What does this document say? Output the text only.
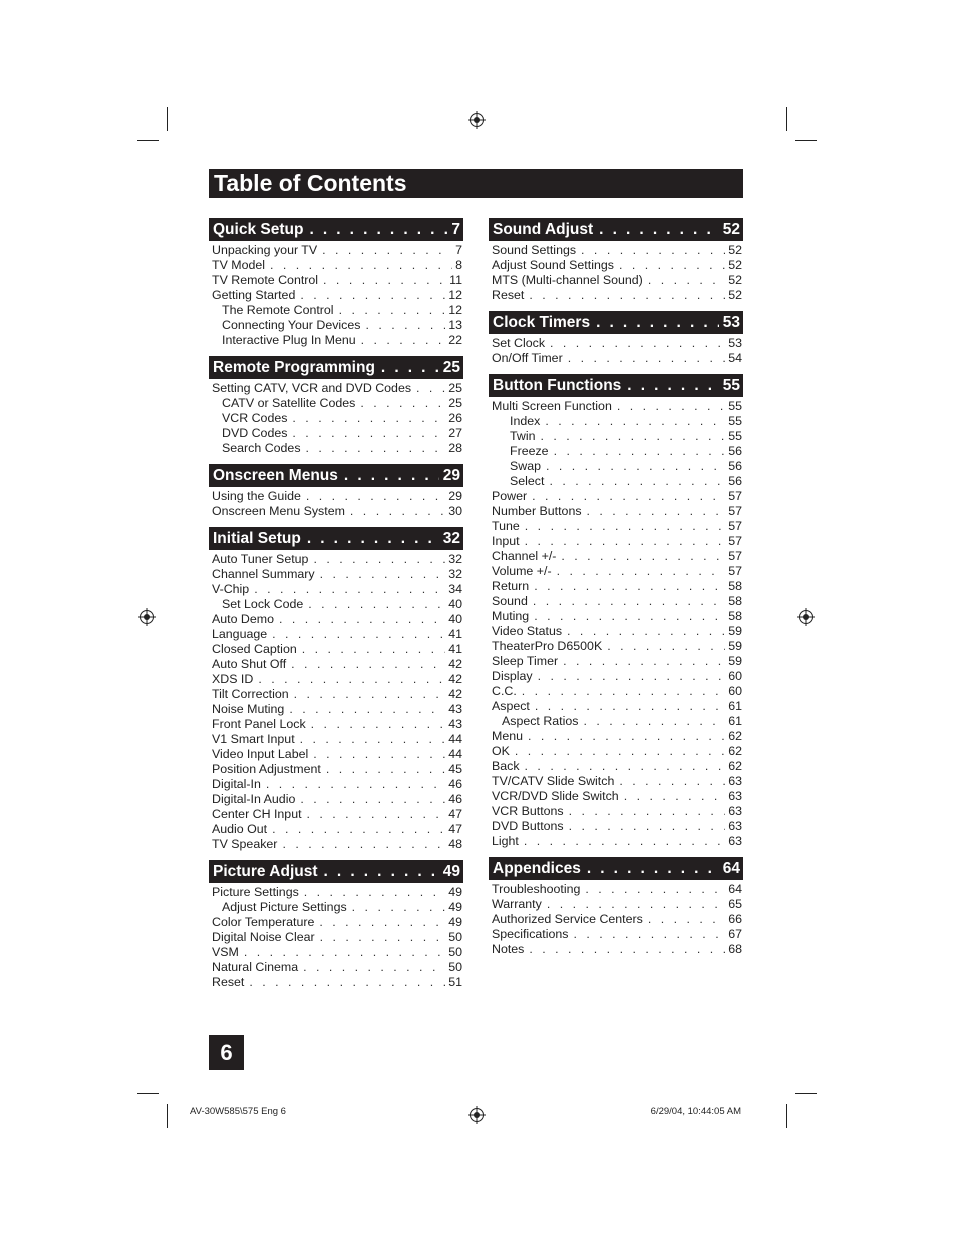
Table of Contents
Quick Setup . . .	7
Unpacking your TV . . .	7
TV Model . . .	8
TV Remote Control . . .	11
Getting Started . . .	12
The Remote Control . . .	12
Connecting Your Devices . . .	13
Interactive Plug In Menu . . .	22
Remote Programming . . .	25
Setting CATV, VCR and DVD Codes . . .	25
CATV or Satellite Codes . . .	25
VCR Codes . . .	26
DVD Codes . . .	27
Search Codes . . .	28
Onscreen Menus . . .	29
Using the Guide . . .	29
Onscreen Menu System . . .	30
Initial Setup . . .	32
Auto Tuner Setup . . .	32
Channel Summary . . .	32
V-Chip . . .	34
Set Lock Code . . .	40
Auto Demo . . .	40
Language . . .	41
Closed Caption . . .	41
Auto Shut Off . . .	42
XDS ID . . .	42
Tilt Correction . . .	42
Noise Muting . . .	43
Front Panel Lock . . .	43
V1 Smart Input . . .	44
Video Input Label . . .	44
Position Adjustment . . .	45
Digital-In . . .	46
Digital-In Audio . . .	46
Center CH Input . . .	47
Audio Out . . .	47
TV Speaker . . .	48
Picture Adjust . . .	49
Picture Settings . . .	49
Adjust Picture Settings . . .	49
Color Temperature . . .	49
Digital Noise Clear . . .	50
VSM . . .	50
Natural Cinema . . .	50
Reset . . .	51
Sound Adjust . . .	52
Sound Settings . . .	52
Adjust Sound Settings . . .	52
MTS (Multi-channel Sound) . . .	52
Reset . . .	52
Clock Timers . . .	53
Set Clock . . .	53
On/Off Timer . . .	54
Button Functions . . .	55
Multi Screen Function . . .	55
Index . . .	55
Twin . . .	55
Freeze . . .	56
Swap . . .	56
Select . . .	56
Power . . .	57
Number Buttons . . .	57
Tune . . .	57
Input . . .	57
Channel +/- . . .	57
Volume +/- . . .	57
Return . . .	58
Sound . . .	58
Muting . . .	58
Video Status . . .	59
TheaterPro D6500K . . .	59
Sleep Timer . . .	59
Display . . .	60
C.C. . . .	60
Aspect . . .	61
Aspect Ratios . . .	61
Menu . . .	62
OK . . .	62
Back . . .	62
TV/CATV Slide Switch . . .	63
VCR/DVD Slide Switch . . .	63
VCR Buttons . . .	63
DVD Buttons . . .	63
Light . . .	63
Appendices . . .	64
Troubleshooting . . .	64
Warranty . . .	65
Authorized Service Centers . . .	66
Specifications . . .	67
Notes . . .	68
6
AV-30W585\575 Eng 6	6/29/04, 10:44:05 AM
